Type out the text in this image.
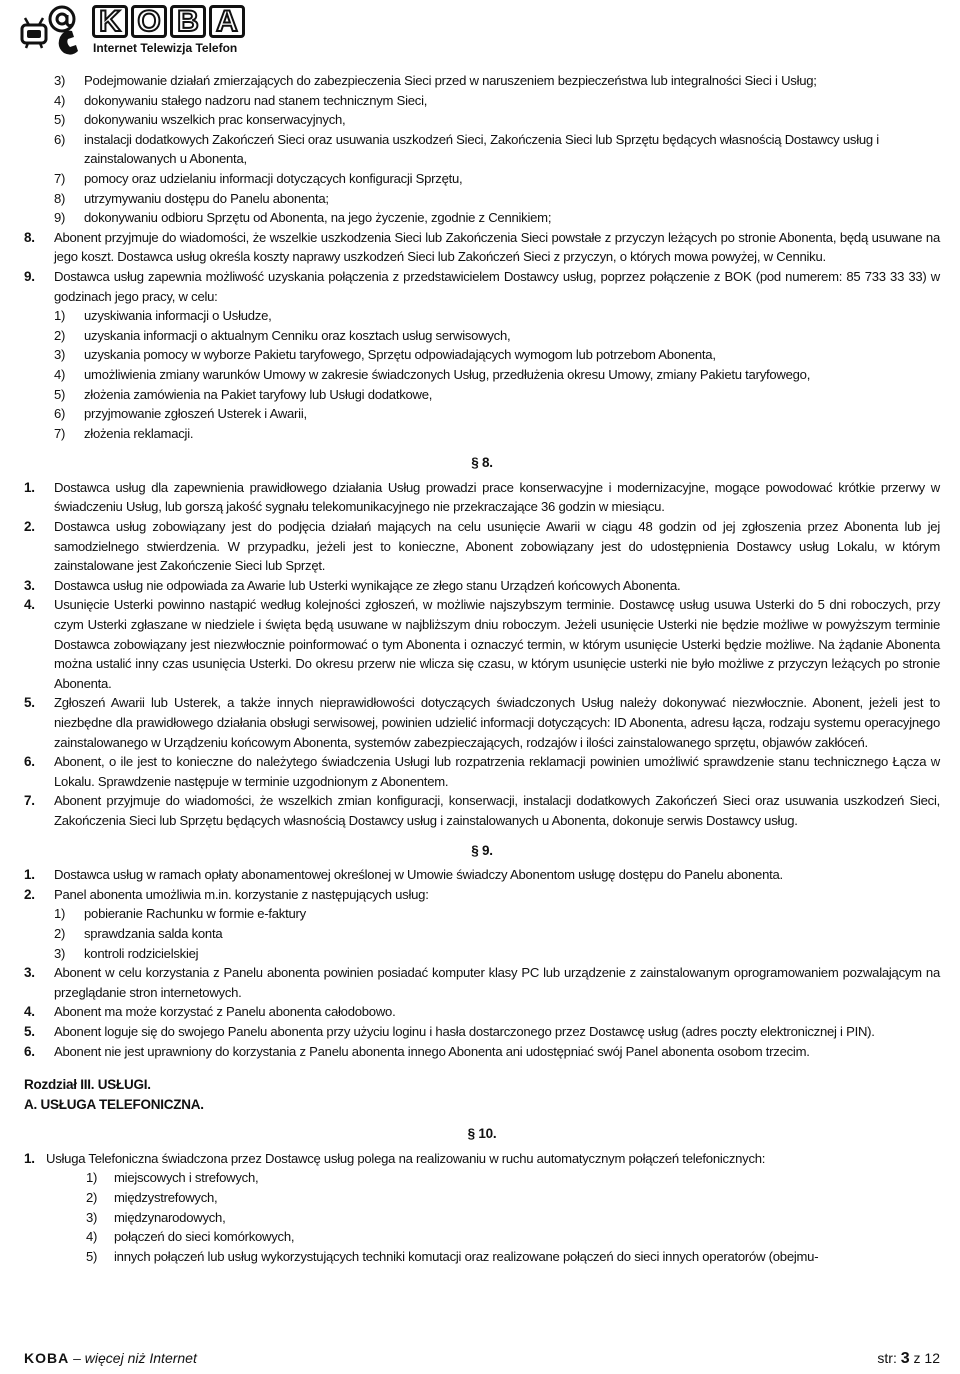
K O B A
Internet Telewizja Telefon
3)	Podejmowanie działań zmierzających do zabezpieczenia Sieci przed w naruszeniem bezpieczeństwa lub integralności Sieci i Usług;
4)	dokonywaniu stałego nadzoru nad stanem technicznym Sieci,
5)	dokonywaniu wszelkich prac konserwacyjnych,
6)	instalacji dodatkowych Zakończeń Sieci oraz usuwania uszkodzeń Sieci, Zakończenia Sieci lub Sprzętu będących własnością Dostawcy usług i zainstalowanych u Abonenta,
7)	pomocy oraz udzielaniu informacji dotyczących konfiguracji Sprzętu,
8)	utrzymywaniu dostępu do Panelu abonenta;
9)	dokonywaniu odbioru Sprzętu od Abonenta, na jego życzenie, zgodnie z Cennikiem;
8.	Abonent przyjmuje do wiadomości, że wszelkie uszkodzenia Sieci lub Zakończenia Sieci powstałe z przyczyn leżących po stronie Abonenta, będą usuwane na jego koszt. Dostawca usług określa koszty naprawy uszkodzeń Sieci lub Zakończeń Sieci z przyczyn, o których mowa powyżej, w Cenniku.
9.	Dostawca usług zapewnia możliwość uzyskania połączenia z przedstawicielem Dostawcy usług, poprzez połączenie z BOK (pod numerem: 85 733 33 33) w godzinach jego pracy, w celu:
1)	uzyskiwania informacji o Usłudze,
2)	uzyskania informacji o aktualnym Cenniku oraz kosztach usług serwisowych,
3)	uzyskania pomocy w wyborze Pakietu taryfowego, Sprzętu odpowiadających wymogom lub potrzebom Abonenta,
4)	umożliwienia zmiany warunków Umowy w zakresie świadczonych Usług, przedłużenia okresu Umowy, zmiany Pakietu taryfowego,
5)	złożenia zamówienia na Pakiet taryfowy lub Usługi dodatkowe,
6)	przyjmowanie zgłoszeń Usterek i Awarii,
7)	złożenia reklamacji.
§ 8.
1.	Dostawca usług dla zapewnienia prawidłowego działania Usług prowadzi prace konserwacyjne i modernizacyjne, mogące powodować krótkie przerwy w świadczeniu Usług, lub gorszą jakość sygnału telekomunikacyjnego nie przekraczające 36 godzin w miesiącu.
2.	Dostawca usług zobowiązany jest do podjęcia działań mających na celu usunięcie Awarii w ciągu 48 godzin od jej zgłoszenia przez Abonenta lub jej samodzielnego stwierdzenia. W przypadku, jeżeli jest to konieczne, Abonent zobowiązany jest do udostępnienia Dostawcy usług Lokalu, w którym zainstalowane jest Zakończenie Sieci lub Sprzęt.
3.	Dostawca usług nie odpowiada za Awarie lub Usterki wynikające ze złego stanu Urządzeń końcowych Abonenta.
4.	Usunięcie Usterki powinno nastąpić według kolejności zgłoszeń, w możliwie najszybszym terminie. Dostawcę usług usuwa Usterki do 5 dni roboczych, przy czym Usterki zgłaszane w niedziele i święta będą usuwane w najbliższym dniu roboczym. Jeżeli usunięcie Usterki nie będzie możliwe w powyższym terminie Dostawca zobowiązany jest niezwłocznie poinformować o tym Abonenta i oznaczyć termin, w którym usunięcie Usterki będzie możliwe. Na żądanie Abonenta można ustalić inny czas usunięcia Usterki. Do okresu przerw nie wlicza się czasu, w którym usunięcie usterki nie było możliwe z przyczyn leżących po stronie Abonenta.
5.	Zgłoszeń Awarii lub Usterek, a także innych nieprawidłowości dotyczących świadczonych Usług należy dokonywać niezwłocznie. Abonent, jeżeli jest to niezbędne dla prawidłowego działania obsługi serwisowej, powinien udzielić informacji dotyczących: ID Abonenta, adresu łącza, rodzaju systemu operacyjnego zainstalowanego w Urządzeniu końcowym Abonenta, systemów zabezpieczających, rodzajów i ilości zainstalowanego sprzętu, objawów zakłóceń.
6.	Abonent, o ile jest to konieczne do należytego świadczenia Usługi lub rozpatrzenia reklamacji powinien umożliwić sprawdzenie stanu technicznego Łącza w Lokalu. Sprawdzenie następuje w terminie uzgodnionym z Abonentem.
7.	Abonent przyjmuje do wiadomości, że wszelkich zmian konfiguracji, konserwacji, instalacji dodatkowych Zakończeń Sieci oraz usuwania uszkodzeń Sieci, Zakończenia Sieci lub Sprzętu będących własnością Dostawcy usług i zainstalowanych u Abonenta, dokonuje serwis Dostawcy usług.
§ 9.
1.	Dostawca usług w ramach opłaty abonamentowej określonej w Umowie świadczy Abonentom usługę dostępu do Panelu abonenta.
2.	Panel abonenta umożliwia m.in. korzystanie z następujących usług:
1)	pobieranie Rachunku w formie e-faktury
2)	sprawdzania salda konta
3)	kontroli rodzicielskiej
3.	Abonent w celu korzystania z Panelu abonenta powinien posiadać komputer klasy PC lub urządzenie z zainstalowanym oprogramowaniem pozwalającym na przeglądanie stron internetowych.
4.	Abonent ma może korzystać z Panelu abonenta całodobowo.
5.	Abonent loguje się do swojego Panelu abonenta przy użyciu loginu i hasła dostarczonego przez Dostawcę usług (adres poczty elektronicznej i PIN).
6.	Abonent nie jest uprawniony do korzystania z Panelu abonenta innego Abonenta ani udostępniać swój Panel abonenta osobom trzecim.
Rozdział III. USŁUGI.
A. USŁUGA TELEFONICZNA.
§ 10.
1. Usługa Telefoniczna świadczona przez Dostawcę usług polega na realizowaniu w ruchu automatycznym połączeń telefonicznych:
1)	miejscowych i strefowych,
2)	międzystrefowych,
3)	międzynarodowych,
4)	połączeń do sieci komórkowych,
5)	innych połączeń lub usług wykorzystujących techniki komutacji oraz realizowane połączeń do sieci innych operatorów (obejmu-
KOBA – więcej niż Internet	str: 3 z 12
